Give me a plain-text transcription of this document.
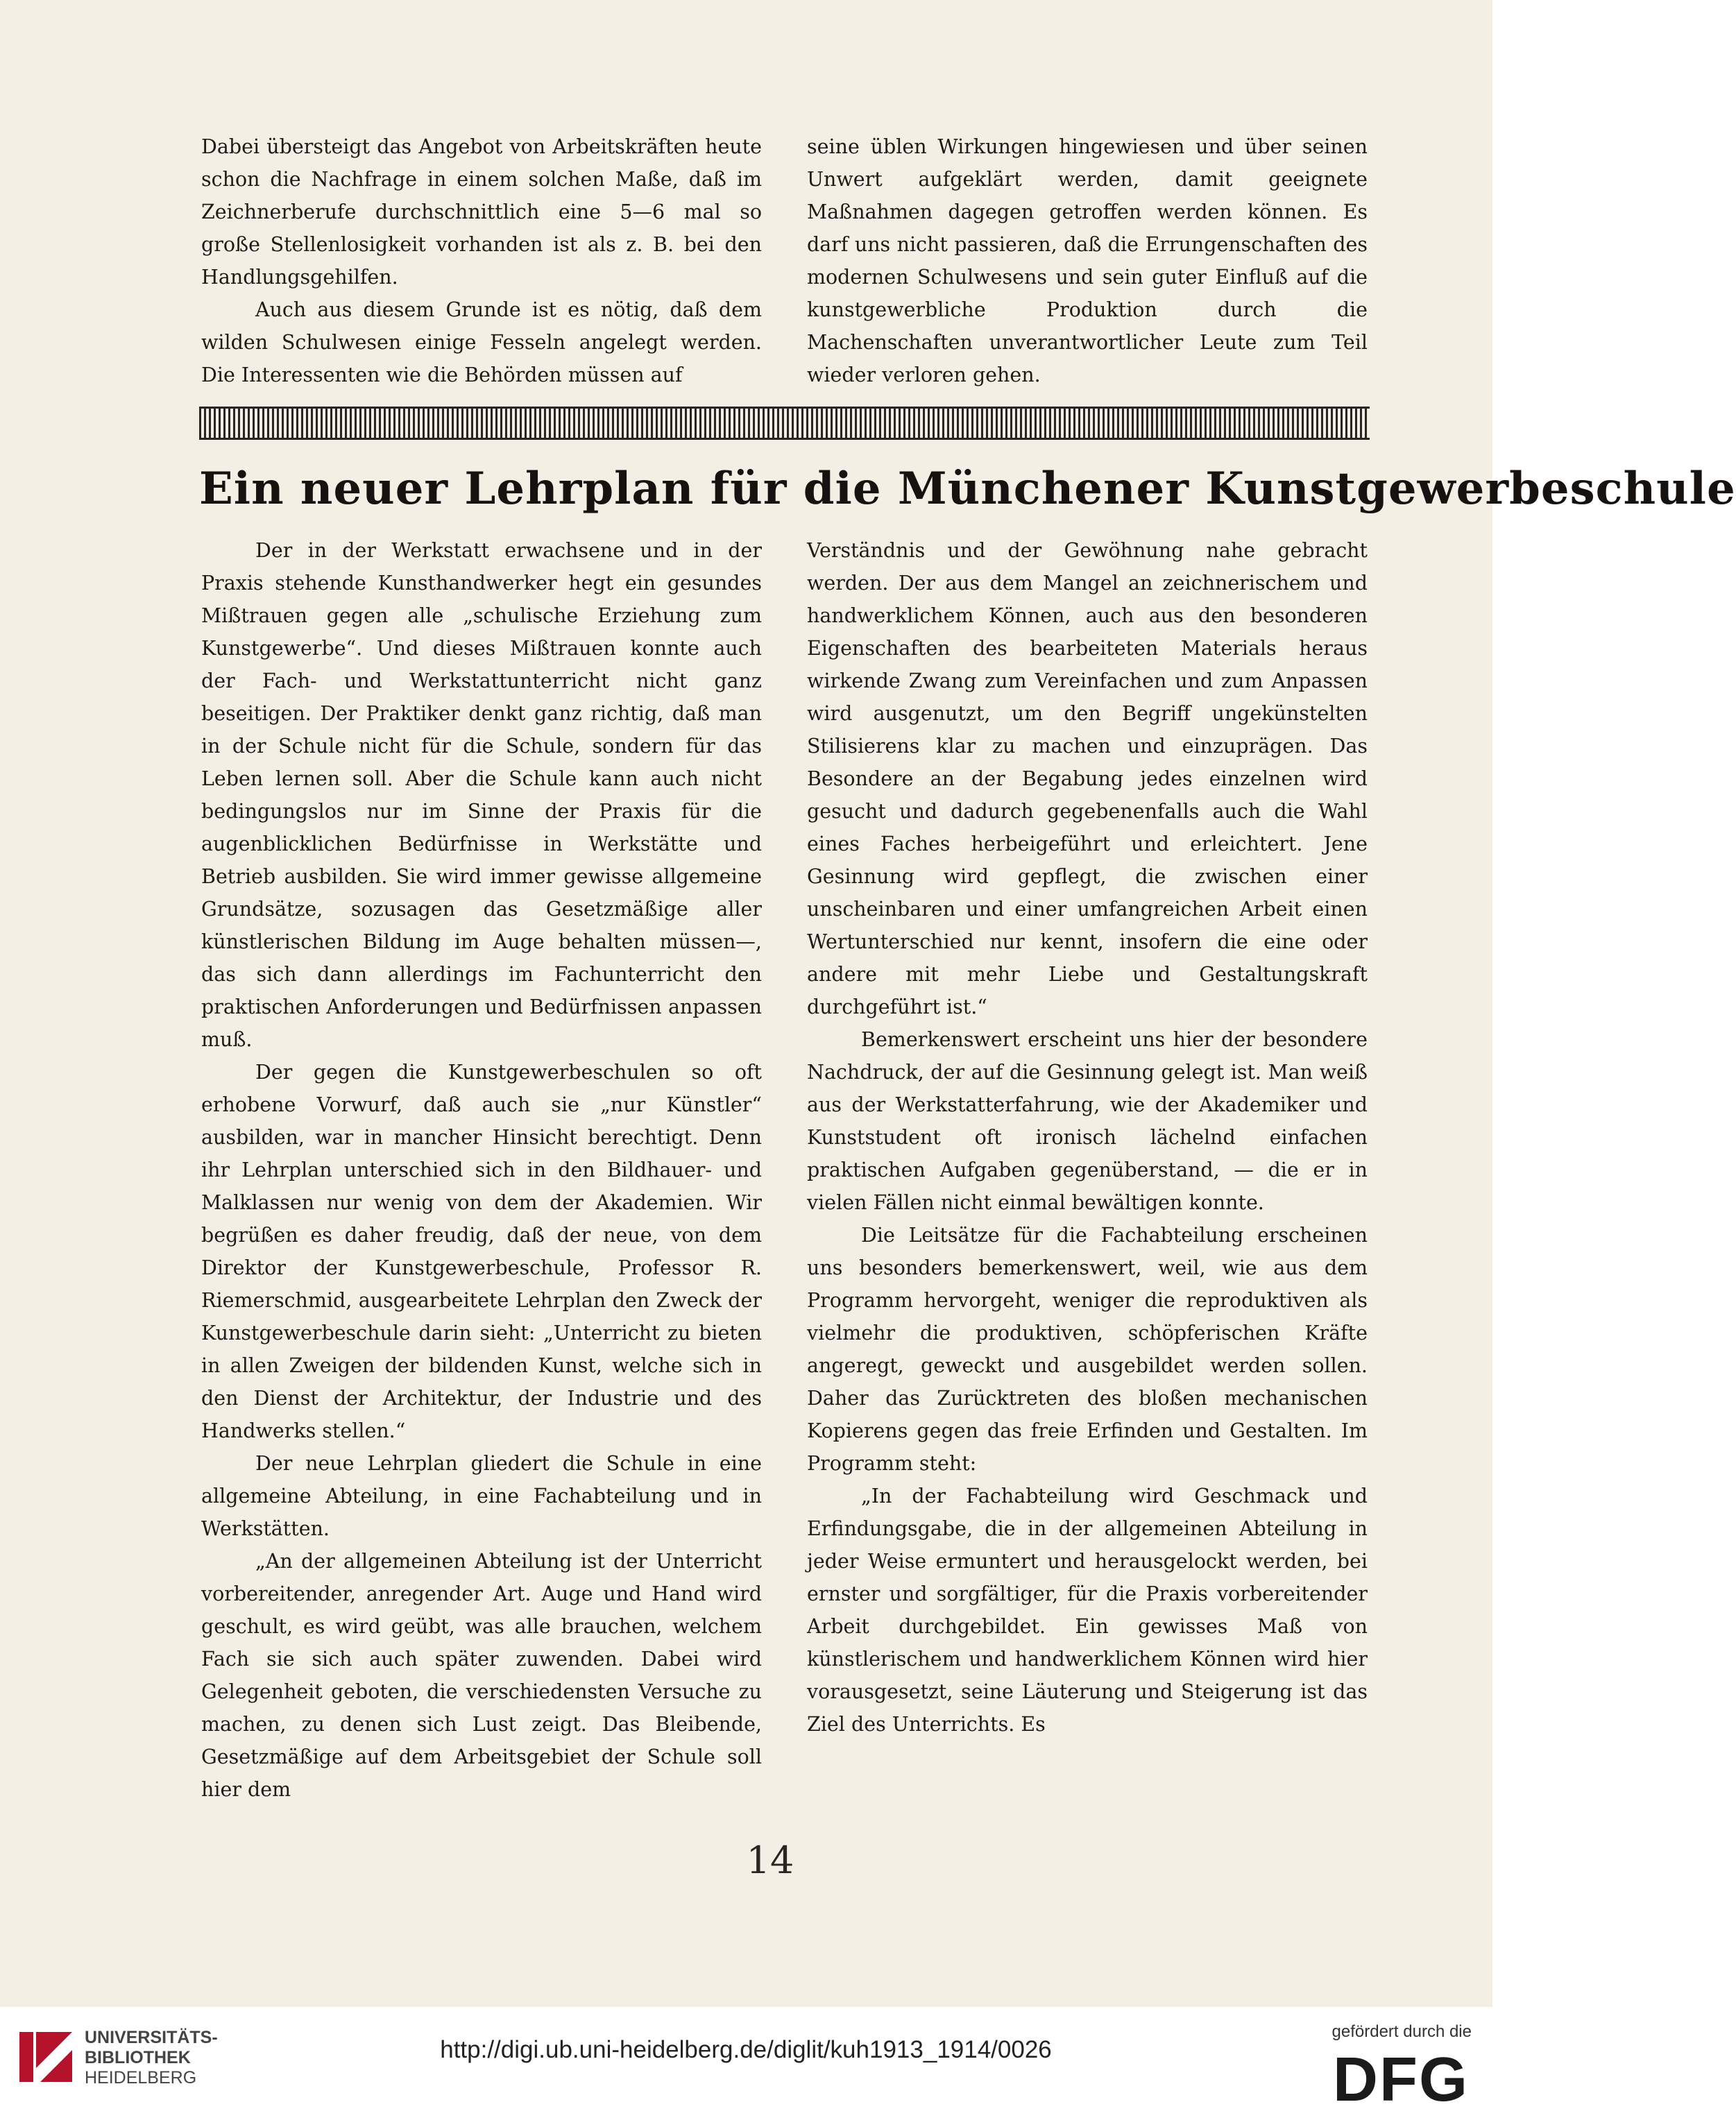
Dabei übersteigt das Angebot von Arbeitskräften heute schon die Nachfrage in einem solchen Maße, daß im Zeichnerberufe durchschnittlich eine 5—6 mal so große Stellenlosigkeit vorhanden ist als z. B. bei den Handlungsgehilfen.

Auch aus diesem Grunde ist es nötig, daß dem wilden Schulwesen einige Fesseln angelegt werden. Die Interessenten wie die Behörden müssen auf

seine üblen Wirkungen hingewiesen und über seinen Unwert aufgeklärt werden, damit geeignete Maßnahmen dagegen getroffen werden können. Es darf uns nicht passieren, daß die Errungenschaften des modernen Schulwesens und sein guter Einfluß auf die kunstgewerbliche Produktion durch die Machenschaften unverantwortlicher Leute zum Teil wieder verloren gehen.

Ein neuer Lehrplan für die Münchener Kunstgewerbeschule

Der in der Werkstatt erwachsene und in der Praxis stehende Kunsthandwerker hegt ein gesundes Mißtrauen gegen alle „schulische Erziehung zum Kunstgewerbe“. Und dieses Mißtrauen konnte auch der Fach- und Werkstattunterricht nicht ganz beseitigen. Der Praktiker denkt ganz richtig, daß man in der Schule nicht für die Schule, sondern für das Leben lernen soll. Aber die Schule kann auch nicht bedingungslos nur im Sinne der Praxis für die augenblicklichen Bedürfnisse in Werkstätte und Betrieb ausbilden. Sie wird immer gewisse allgemeine Grundsätze, sozusagen das Gesetzmäßige aller künstlerischen Bildung im Auge behalten müssen—, das sich dann allerdings im Fachunterricht den praktischen Anforderungen und Bedürfnissen anpassen muß.

Der gegen die Kunstgewerbeschulen so oft erhobene Vorwurf, daß auch sie „nur Künstler“ ausbilden, war in mancher Hinsicht berechtigt. Denn ihr Lehrplan unterschied sich in den Bildhauer- und Malklassen nur wenig von dem der Akademien. Wir begrüßen es daher freudig, daß der neue, von dem Direktor der Kunstgewerbeschule, Professor R. Riemerschmid, ausgearbeitete Lehrplan den Zweck der Kunstgewerbeschule darin sieht: „Unterricht zu bieten in allen Zweigen der bildenden Kunst, welche sich in den Dienst der Architektur, der Industrie und des Handwerks stellen.“

Der neue Lehrplan gliedert die Schule in eine allgemeine Abteilung, in eine Fachabteilung und in Werkstätten.

„An der allgemeinen Abteilung ist der Unterricht vorbereitender, anregender Art. Auge und Hand wird geschult, es wird geübt, was alle brauchen, welchem Fach sie sich auch später zuwenden. Dabei wird Gelegenheit geboten, die verschiedensten Versuche zu machen, zu denen sich Lust zeigt. Das Bleibende, Gesetzmäßige auf dem Arbeitsgebiet der Schule soll hier dem

Verständnis und der Gewöhnung nahe gebracht werden. Der aus dem Mangel an zeichnerischem und handwerklichem Können, auch aus den besonderen Eigenschaften des bearbeiteten Materials heraus wirkende Zwang zum Vereinfachen und zum Anpassen wird ausgenutzt, um den Begriff ungekünstelten Stilisierens klar zu machen und einzuprägen. Das Besondere an der Begabung jedes einzelnen wird gesucht und dadurch gegebenenfalls auch die Wahl eines Faches herbeigeführt und erleichtert. Jene Gesinnung wird gepflegt, die zwischen einer unscheinbaren und einer umfangreichen Arbeit einen Wertunterschied nur kennt, insofern die eine oder andere mit mehr Liebe und Gestaltungskraft durchgeführt ist.“

Bemerkenswert erscheint uns hier der besondere Nachdruck, der auf die Gesinnung gelegt ist. Man weiß aus der Werkstatterfahrung, wie der Akademiker und Kunststudent oft ironisch lächelnd einfachen praktischen Aufgaben gegenüberstand, — die er in vielen Fällen nicht einmal bewältigen konnte.

Die Leitsätze für die Fachabteilung erscheinen uns besonders bemerkenswert, weil, wie aus dem Programm hervorgeht, weniger die reproduktiven als vielmehr die produktiven, schöpferischen Kräfte angeregt, geweckt und ausgebildet werden sollen. Daher das Zurücktreten des bloßen mechanischen Kopierens gegen das freie Erfinden und Gestalten. Im Programm steht:

„In der Fachabteilung wird Geschmack und Erfindungsgabe, die in der allgemeinen Abteilung in jeder Weise ermuntert und herausgelockt werden, bei ernster und sorgfältiger, für die Praxis vorbereitender Arbeit durchgebildet. Ein gewisses Maß von künstlerischem und handwerklichem Können wird hier vorausgesetzt, seine Läuterung und Steigerung ist das Ziel des Unterrichts. Es

14
UNIVERSITÄTS-
BIBLIOTHEK
HEIDELBERG
http://digi.ub.uni-heidelberg.de/diglit/kuh1913_1914/0026
gefördert durch die
DFG
